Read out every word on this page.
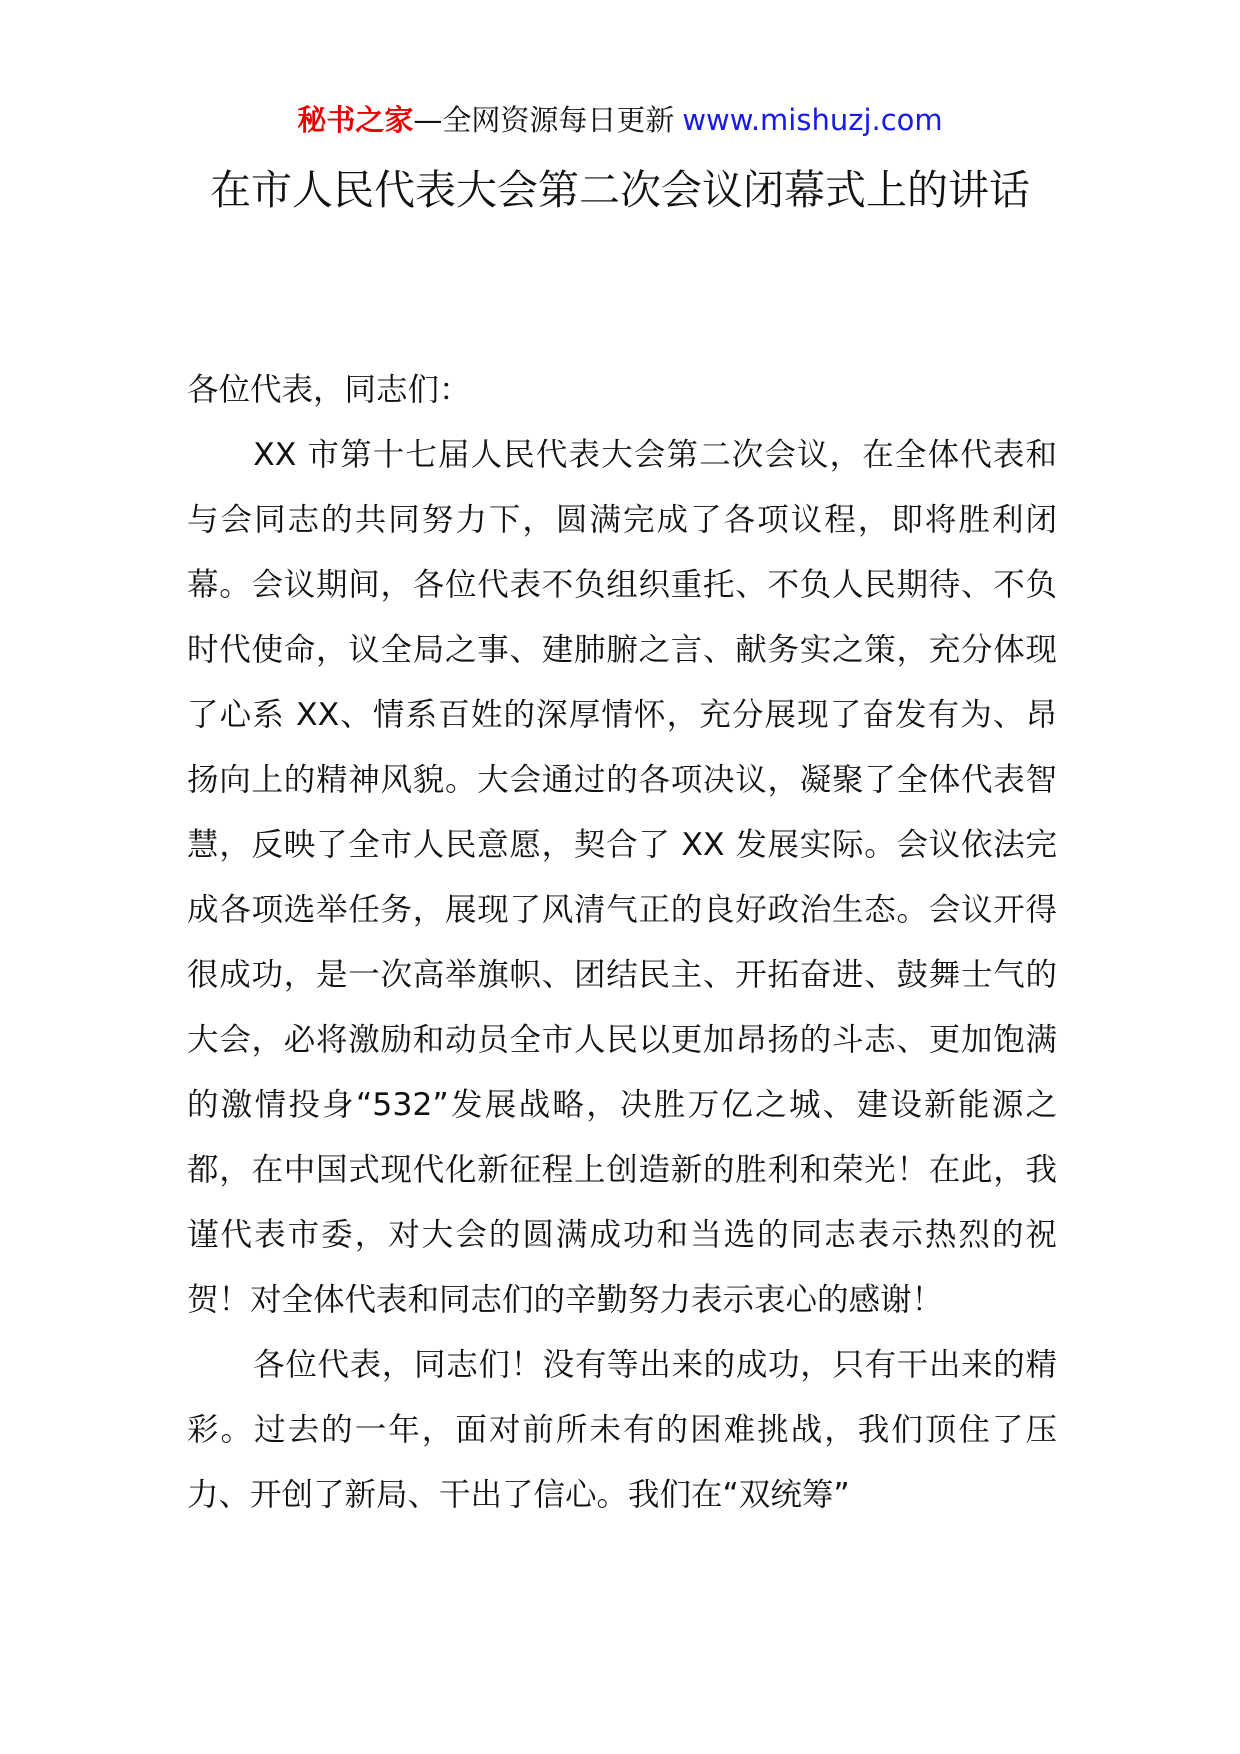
秘书之家—全网资源每日更新 www.mishuzj.com
在市人民代表大会第二次会议闭幕式上的讲话

各位代表，同志们：

XX 市第十七届人民代表大会第二次会议，在全体代表和与会同志的共同努力下，圆满完成了各项议程，即将胜利闭幕。会议期间，各位代表不负组织重托、不负人民期待、不负时代使命，议全局之事、建肺腑之言、献务实之策，充分体现了心系 XX、情系百姓的深厚情怀，充分展现了奋发有为、昂扬向上的精神风貌。大会通过的各项决议，凝聚了全体代表智慧，反映了全市人民意愿，契合了 XX 发展实际。会议依法完成各项选举任务，展现了风清气正的良好政治生态。会议开得很成功，是一次高举旗帜、团结民主、开拓奋进、鼓舞士气的大会，必将激励和动员全市人民以更加昂扬的斗志、更加饱满的激情投身“532”发展战略，决胜万亿之城、建设新能源之都，在中国式现代化新征程上创造新的胜利和荣光！在此，我谨代表市委，对大会的圆满成功和当选的同志表示热烈的祝贺！对全体代表和同志们的辛勤努力表示衷心的感谢！

各位代表，同志们！没有等出来的成功，只有干出来的精彩。过去的一年，面对前所未有的困难挑战，我们顶住了压力、开创了新局、干出了信心。我们在“双统筹”
